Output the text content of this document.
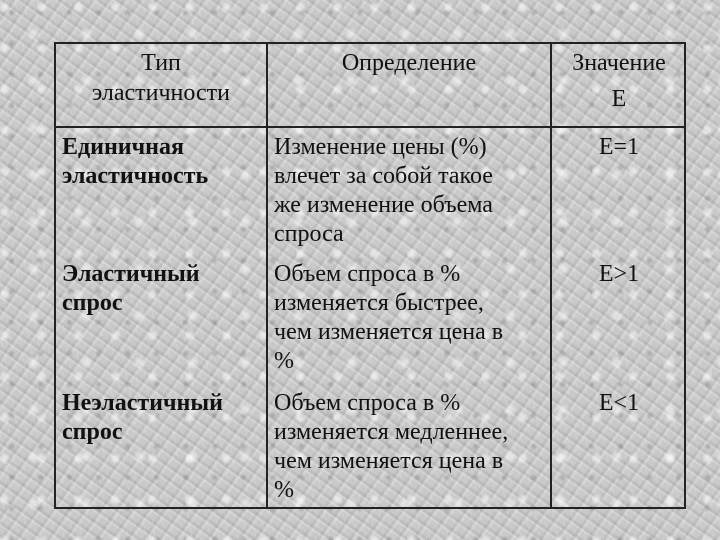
Тип
эластичности
Определение	Значение
Е
Единичная
эластичность
Изменение цены (%)
влечет за собой такое
же изменение объема
спроса
Е=1
Эластичный
спрос
Объем спроса в %
изменяется быстрее,
чем изменяется цена в
%
Е>1
Неэластичный
спрос
Объем спроса в %
изменяется медленнее,
чем изменяется цена в
%
Е<1
